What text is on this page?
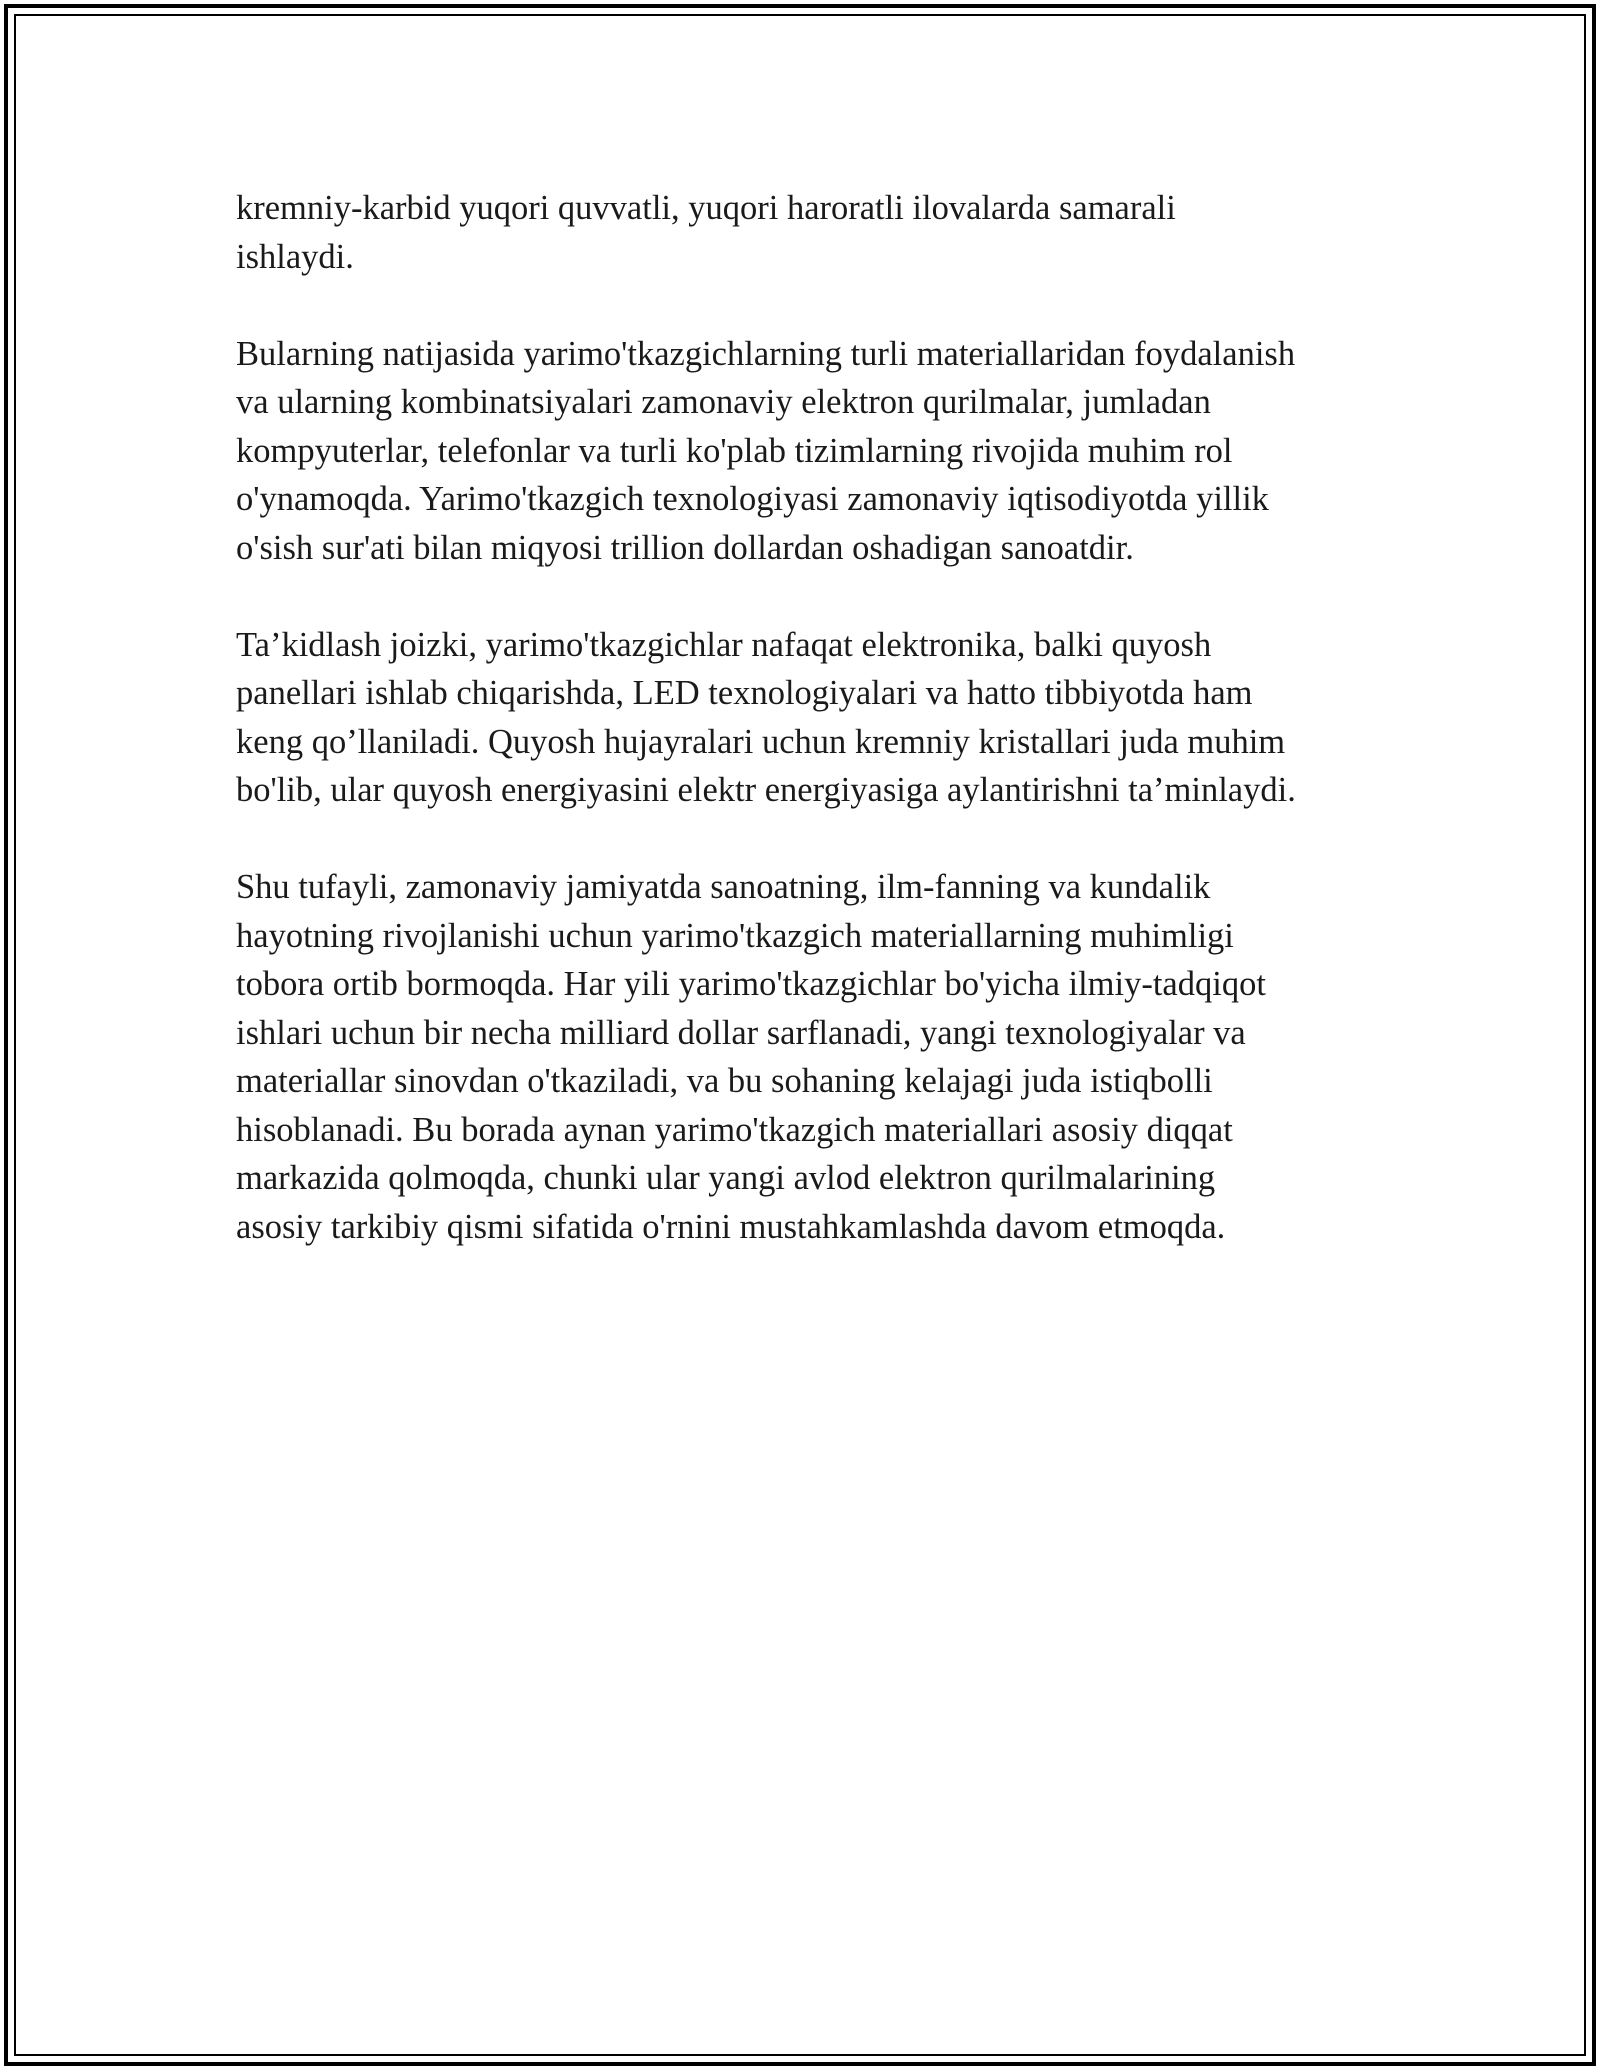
kremniy-karbid yuqori quvvatli, yuqori haroratli ilovalarda samarali
ishlaydi.

Bularning natijasida yarimo'tkazgichlarning turli materiallaridan foydalanish
va ularning kombinatsiyalari zamonaviy elektron qurilmalar, jumladan
kompyuterlar, telefonlar va turli ko'plab tizimlarning rivojida muhim rol
o'ynamoqda. Yarimo'tkazgich texnologiyasi zamonaviy iqtisodiyotda yillik
o'sish sur'ati bilan miqyosi trillion dollardan oshadigan sanoatdir.

Ta’kidlash joizki, yarimo'tkazgichlar nafaqat elektronika, balki quyosh
panellari ishlab chiqarishda, LED texnologiyalari va hatto tibbiyotda ham
keng qo’llaniladi. Quyosh hujayralari uchun kremniy kristallari juda muhim
bo'lib, ular quyosh energiyasini elektr energiyasiga aylantirishni ta’minlaydi.

Shu tufayli, zamonaviy jamiyatda sanoatning, ilm-fanning va kundalik
hayotning rivojlanishi uchun yarimo'tkazgich materiallarning muhimligi
tobora ortib bormoqda. Har yili yarimo'tkazgichlar bo'yicha ilmiy-tadqiqot
ishlari uchun bir necha milliard dollar sarflanadi, yangi texnologiyalar va
materiallar sinovdan o'tkaziladi, va bu sohaning kelajagi juda istiqbolli
hisoblanadi. Bu borada aynan yarimo'tkazgich materiallari asosiy diqqat
markazida qolmoqda, chunki ular yangi avlod elektron qurilmalarining
asosiy tarkibiy qismi sifatida o'rnini mustahkamlashda davom etmoqda.
